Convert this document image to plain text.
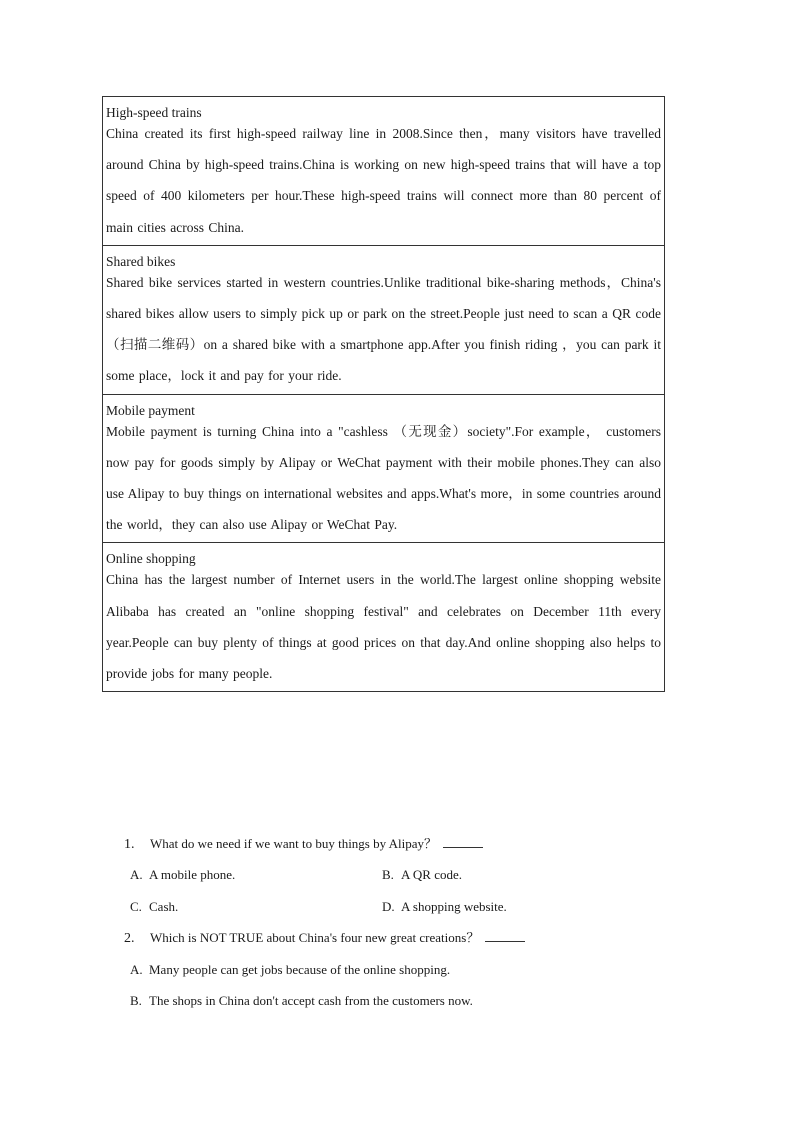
High-speed trains
China created its first high-speed railway line in 2008.Since then，many visitors have travelled around China by high-speed trains.China is working on new high-speed trains that will have a top speed of 400 kilometers per hour.These high-speed trains will connect more than 80 percent of main cities across China.

Shared bikes
Shared bike services started in western countries.Unlike traditional bike-sharing methods，China's shared bikes allow users to simply pick up or park on the street.People just need to scan a QR code（扫描二维码）on a shared bike with a smartphone app.After you finish riding ，you can park it some place，lock it and pay for your ride.

Mobile payment
Mobile payment is turning China into a "cashless （无现金）society".For example， customers now pay for goods simply by Alipay or WeChat payment with their mobile phones.They can also use Alipay to buy things on international websites and apps.What's more，in some countries around the world，they can also use Alipay or WeChat Pay.

Online shopping
China has the largest number of Internet users in the world.The largest online shopping website Alibaba has created an "online shopping festival" and celebrates on December 11th every year.People can buy plenty of things at good prices on that day.And online shopping also helps to provide jobs for many people.
1. What do we need if we want to buy things by Alipay？
A. A mobile phone.	B. A QR code.
C. Cash.	D. A shopping website.
2. Which is NOT TRUE about China's four new great creations？
A. Many people can get jobs because of the online shopping.
B. The shops in China don't accept cash from the customers now.
